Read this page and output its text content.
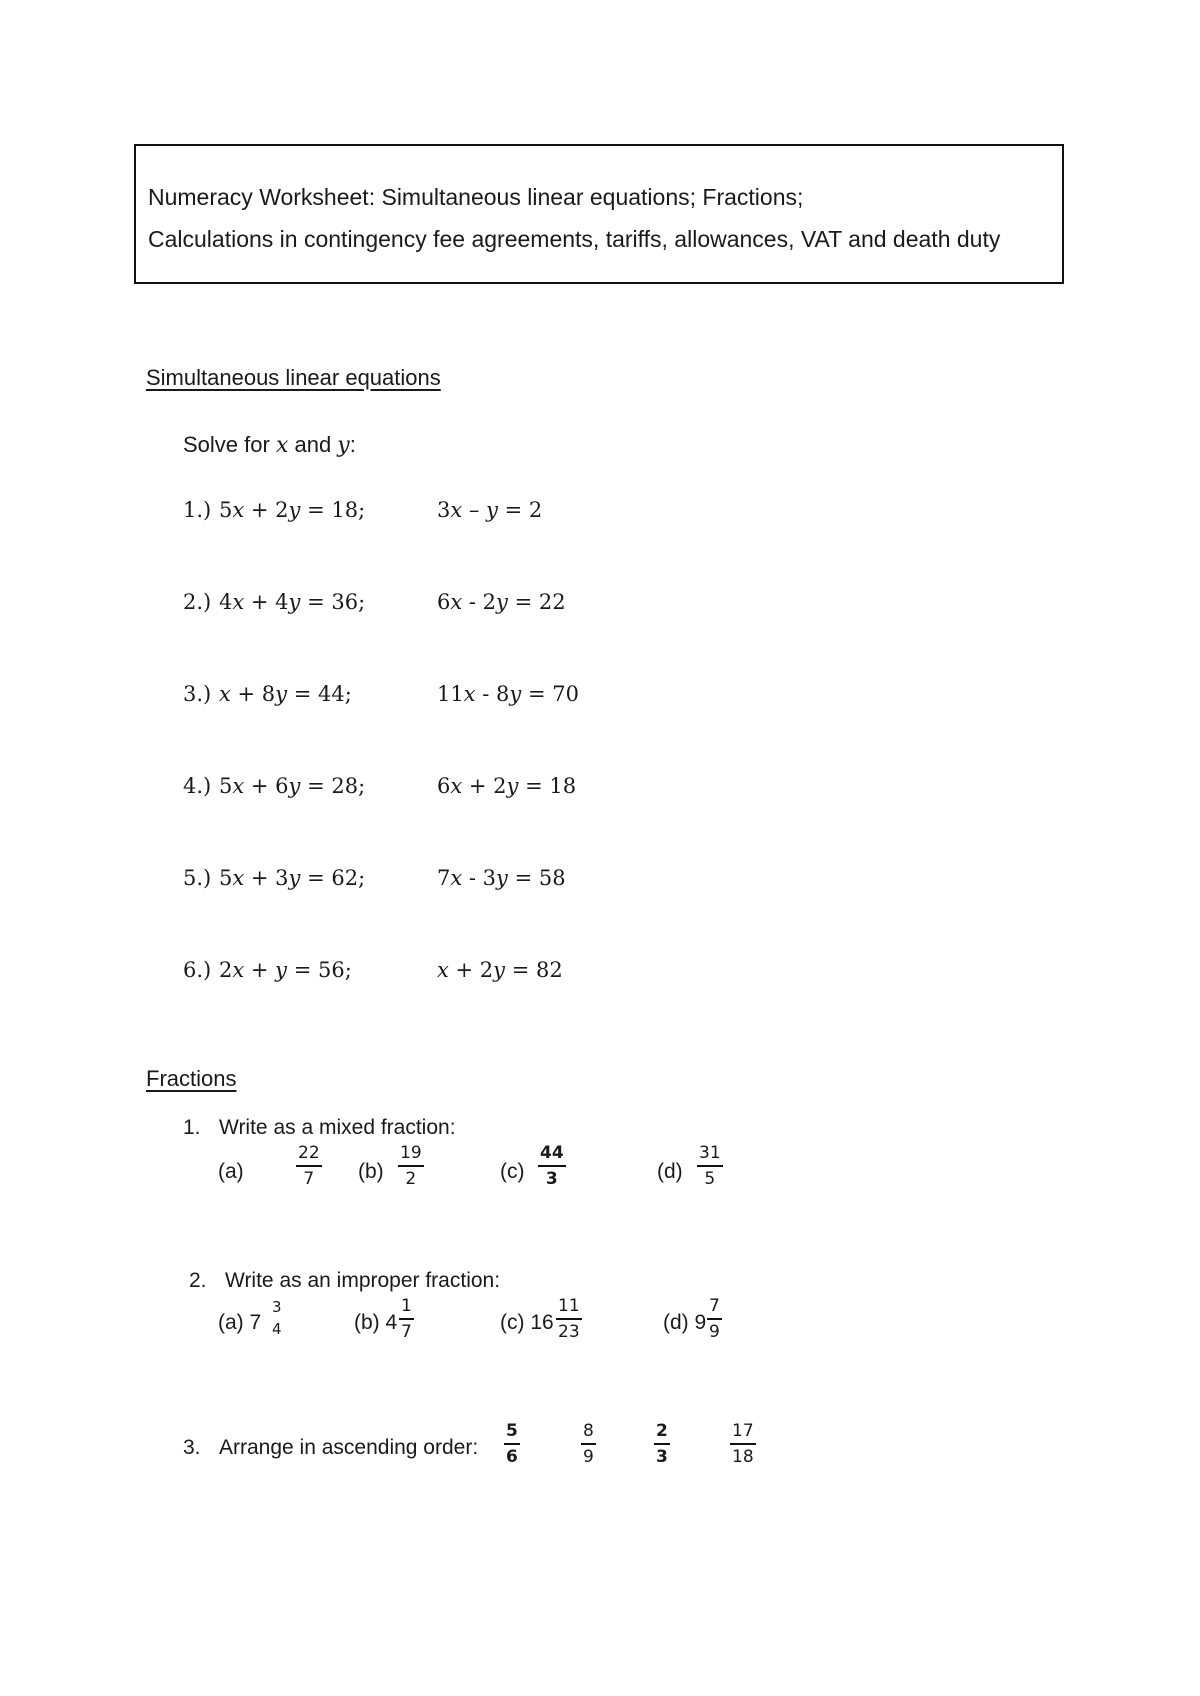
Numeracy Worksheet: Simultaneous linear equations; Fractions;
Calculations in contingency fee agreements, tariffs, allowances, VAT and death duty
Simultaneous linear equations
Solve for x and y:
1.) 5x + 2y = 18;	3x – y = 2
2.) 4x + 4y = 36;	6x - 2y = 22
3.) x + 8y = 44;	11x - 8y = 70
4.) 5x + 6y = 28;	6x + 2y = 18
5.) 5x + 3y = 62;	7x - 3y = 58
6.) 2x + y = 56;	x + 2y = 82
Fractions
1. Write as a mixed fraction:
(a)	$\frac{22}{7} (b) \frac{19}{2}$	$(c) \frac{44}{3}$	$(d) \frac{31}{5}$
2. Write as an improper fraction:
(a) 7
3
4	(b) $4 \frac{1}{7}$	(c) $16 \frac{11}{23}$	(d) $9 \frac{7}{9}$
3. Arrange in ascending order: $\frac{5}{6}$	$\frac{8}{9}$	$\frac{2}{3}$	$\frac{17}{18}$
